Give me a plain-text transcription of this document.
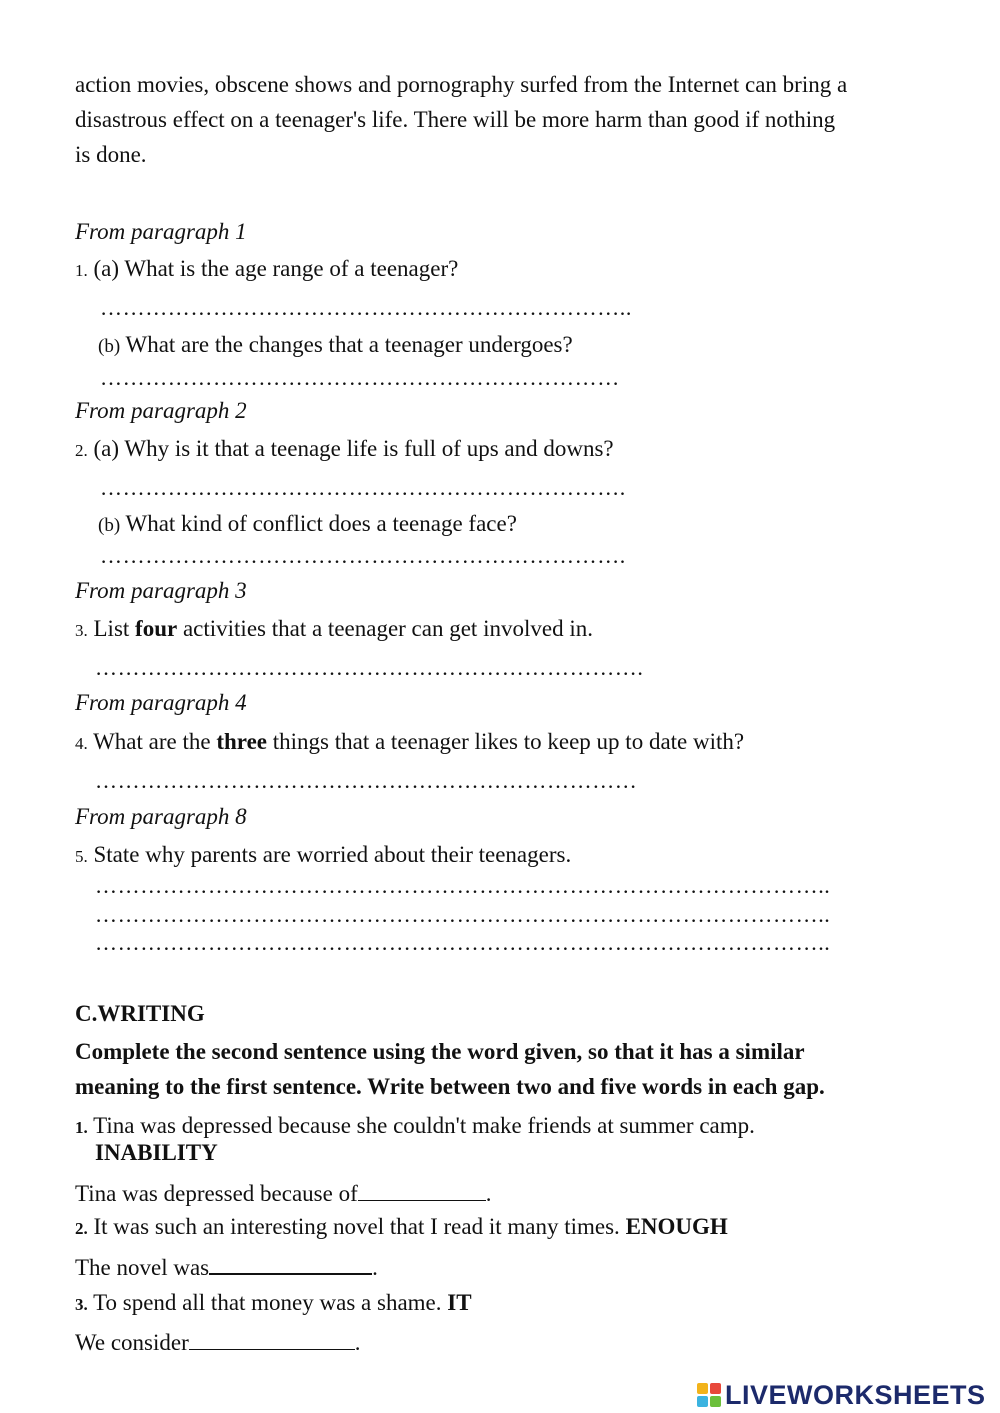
action movies, obscene shows and pornography surfed from the Internet can bring a
disastrous effect on a teenager's life. There will be more harm than good if nothing
is done.
From paragraph 1
1. (a) What is the age range of a teenager?
……………………………………………………………..
(b) What are the changes that a teenager undergoes?
……………………………………………………………
From paragraph 2
2. (a) Why is it that a teenage life is full of ups and downs?
…………………………………………………………….
(b) What kind of conflict does a teenage face?
…………………………………………………………….
From paragraph 3
3. List four activities that a teenager can get involved in.
……………………………………………………………….
From paragraph 4
4. What are the three things that a teenager likes to keep up to date with?
………………………………………………………………
From paragraph 8
5. State why parents are worried about their teenagers.
……………………………………………………………………………………..
……………………………………………………………………………………..
……………………………………………………………………………………..
C.WRITING
Complete the second sentence using the word given, so that it has a similar
meaning to the first sentence. Write between two and five words in each gap.
1. Tina was depressed because she couldn't make friends at summer camp.
INABILITY
Tina was depressed because of	.
2. It was such an interesting novel that I read it many times. ENOUGH
The novel was	.
3. To spend all that money was a shame. IT
We consider	.
LIVEWORKSHEETS
